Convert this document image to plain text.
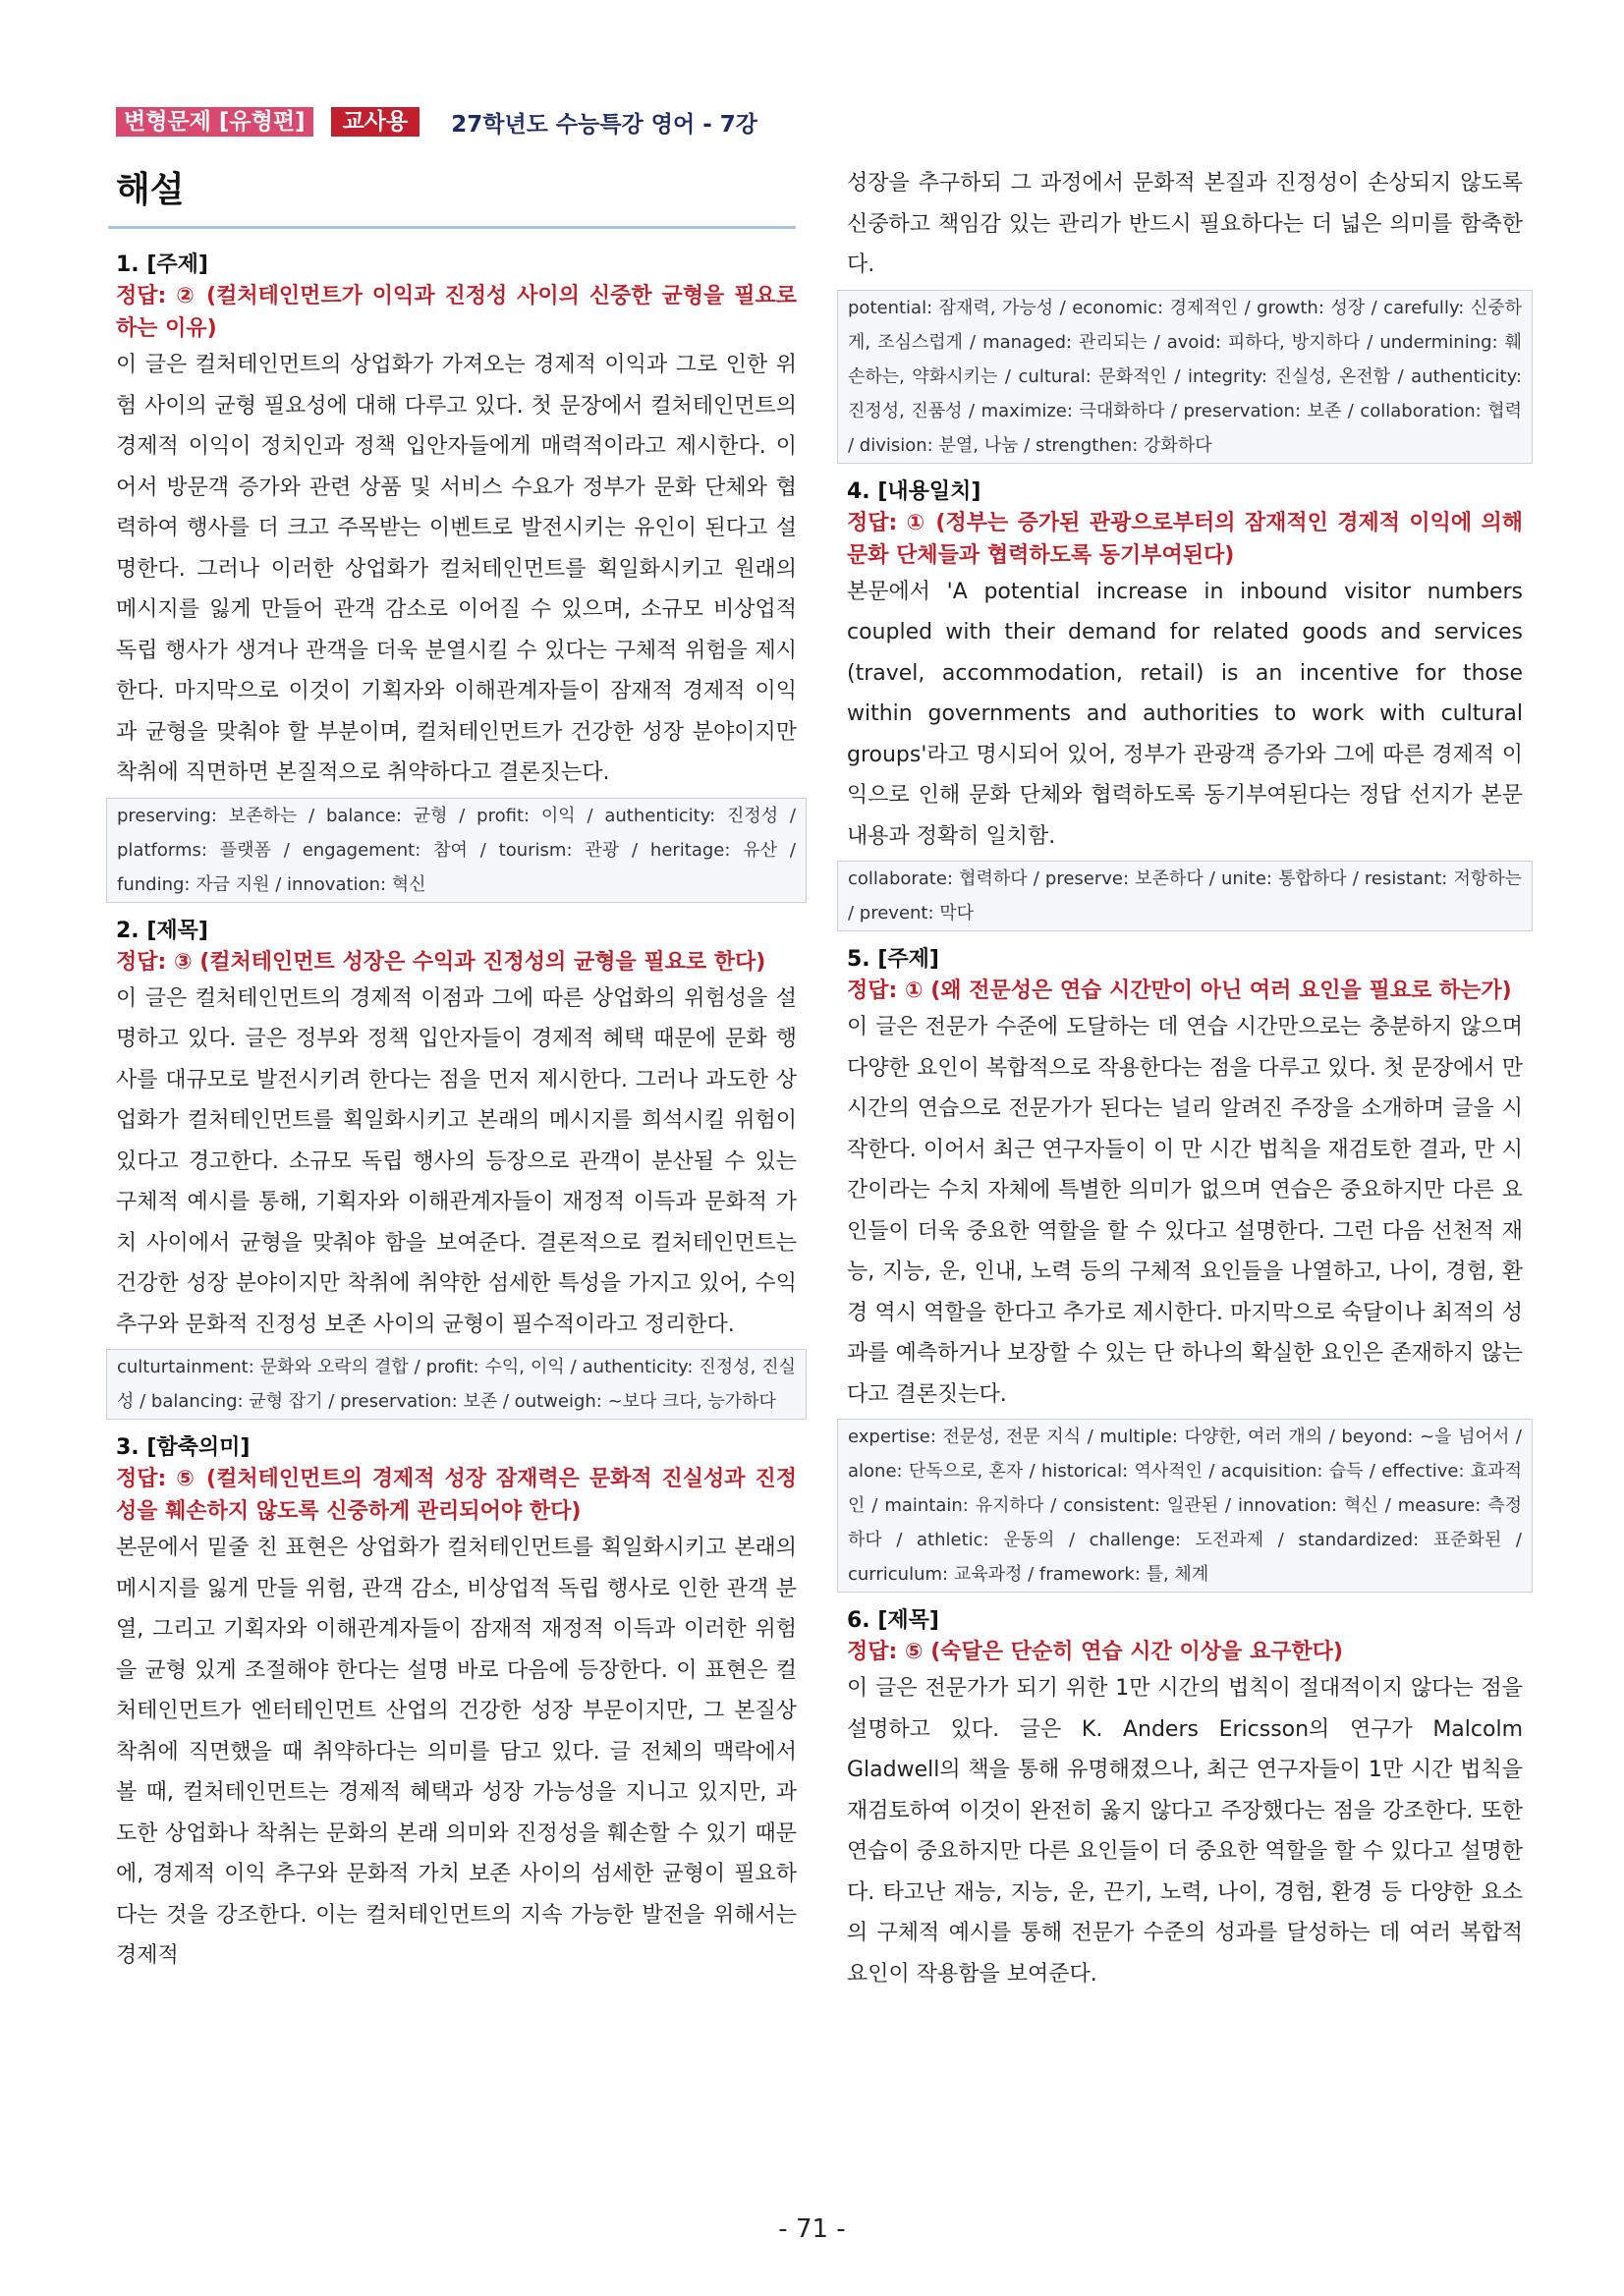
변형문제 [유형편]	교사용	27학년도 수능특강 영어 - 7강
해설
1. [주제]
정답: ② (컬처테인먼트가 이익과 진정성 사이의 신중한 균형을 필요로 하는 이유)
이 글은 컬처테인먼트의 상업화가 가져오는 경제적 이익과 그로 인한 위험 사이의 균형 필요성에 대해 다루고 있다. 첫 문장에서 컬처테인먼트의 경제적 이익이 정치인과 정책 입안자들에게 매력적이라고 제시한다. 이어서 방문객 증가와 관련 상품 및 서비스 수요가 정부가 문화 단체와 협력하여 행사를 더 크고 주목받는 이벤트로 발전시키는 유인이 된다고 설명한다. 그러나 이러한 상업화가 컬처테인먼트를 획일화시키고 원래의 메시지를 잃게 만들어 관객 감소로 이어질 수 있으며, 소규모 비상업적 독립 행사가 생겨나 관객을 더욱 분열시킬 수 있다는 구체적 위험을 제시한다. 마지막으로 이것이 기획자와 이해관계자들이 잠재적 경제적 이익과 균형을 맞춰야 할 부분이며, 컬처테인먼트가 건강한 성장 분야이지만 착취에 직면하면 본질적으로 취약하다고 결론짓는다.
preserving: 보존하는 / balance: 균형 / profit: 이익 / authenticity: 진정성 / platforms: 플랫폼 / engagement: 참여 / tourism: 관광 / heritage: 유산 / funding: 자금 지원 / innovation: 혁신
2. [제목]
정답: ③ (컬처테인먼트 성장은 수익과 진정성의 균형을 필요로 한다)
이 글은 컬처테인먼트의 경제적 이점과 그에 따른 상업화의 위험성을 설명하고 있다. 글은 정부와 정책 입안자들이 경제적 혜택 때문에 문화 행사를 대규모로 발전시키려 한다는 점을 먼저 제시한다. 그러나 과도한 상업화가 컬처테인먼트를 획일화시키고 본래의 메시지를 희석시킬 위험이 있다고 경고한다. 소규모 독립 행사의 등장으로 관객이 분산될 수 있는 구체적 예시를 통해, 기획자와 이해관계자들이 재정적 이득과 문화적 가치 사이에서 균형을 맞춰야 함을 보여준다. 결론적으로 컬처테인먼트는 건강한 성장 분야이지만 착취에 취약한 섬세한 특성을 가지고 있어, 수익 추구와 문화적 진정성 보존 사이의 균형이 필수적이라고 정리한다.
culturtainment: 문화와 오락의 결합 / profit: 수익, 이익 / authenticity: 진정성, 진실성 / balancing: 균형 잡기 / preservation: 보존 / outweigh: ~보다 크다, 능가하다
3. [함축의미]
정답: ⑤ (컬처테인먼트의 경제적 성장 잠재력은 문화적 진실성과 진정성을 훼손하지 않도록 신중하게 관리되어야 한다)
본문에서 밑줄 친 표현은 상업화가 컬처테인먼트를 획일화시키고 본래의 메시지를 잃게 만들 위험, 관객 감소, 비상업적 독립 행사로 인한 관객 분열, 그리고 기획자와 이해관계자들이 잠재적 재정적 이득과 이러한 위험을 균형 있게 조절해야 한다는 설명 바로 다음에 등장한다. 이 표현은 컬처테인먼트가 엔터테인먼트 산업의 건강한 성장 부문이지만, 그 본질상 착취에 직면했을 때 취약하다는 의미를 담고 있다. 글 전체의 맥락에서 볼 때, 컬처테인먼트는 경제적 혜택과 성장 가능성을 지니고 있지만, 과도한 상업화나 착취는 문화의 본래 의미와 진정성을 훼손할 수 있기 때문에, 경제적 이익 추구와 문화적 가치 보존 사이의 섬세한 균형이 필요하다는 것을 강조한다. 이는 컬처테인먼트의 지속 가능한 발전을 위해서는 경제적
성장을 추구하되 그 과정에서 문화적 본질과 진정성이 손상되지 않도록 신중하고 책임감 있는 관리가 반드시 필요하다는 더 넓은 의미를 함축한다.
potential: 잠재력, 가능성 / economic: 경제적인 / growth: 성장 / carefully: 신중하게, 조심스럽게 / managed: 관리되는 / avoid: 피하다, 방지하다 / undermining: 훼손하는, 약화시키는 / cultural: 문화적인 / integrity: 진실성, 온전함 / authenticity: 진정성, 진품성 / maximize: 극대화하다 / preservation: 보존 / collaboration: 협력 / division: 분열, 나눔 / strengthen: 강화하다
4. [내용일치]
정답: ① (정부는 증가된 관광으로부터의 잠재적인 경제적 이익에 의해 문화 단체들과 협력하도록 동기부여된다)
본문에서 'A potential increase in inbound visitor numbers coupled with their demand for related goods and services (travel, accommodation, retail) is an incentive for those within governments and authorities to work with cultural groups'라고 명시되어 있어, 정부가 관광객 증가와 그에 따른 경제적 이익으로 인해 문화 단체와 협력하도록 동기부여된다는 정답 선지가 본문 내용과 정확히 일치함.
collaborate: 협력하다 / preserve: 보존하다 / unite: 통합하다 / resistant: 저항하는 / prevent: 막다
5. [주제]
정답: ① (왜 전문성은 연습 시간만이 아닌 여러 요인을 필요로 하는가)
이 글은 전문가 수준에 도달하는 데 연습 시간만으로는 충분하지 않으며 다양한 요인이 복합적으로 작용한다는 점을 다루고 있다. 첫 문장에서 만 시간의 연습으로 전문가가 된다는 널리 알려진 주장을 소개하며 글을 시작한다. 이어서 최근 연구자들이 이 만 시간 법칙을 재검토한 결과, 만 시간이라는 수치 자체에 특별한 의미가 없으며 연습은 중요하지만 다른 요인들이 더욱 중요한 역할을 할 수 있다고 설명한다. 그런 다음 선천적 재능, 지능, 운, 인내, 노력 등의 구체적 요인들을 나열하고, 나이, 경험, 환경 역시 역할을 한다고 추가로 제시한다. 마지막으로 숙달이나 최적의 성과를 예측하거나 보장할 수 있는 단 하나의 확실한 요인은 존재하지 않는다고 결론짓는다.
expertise: 전문성, 전문 지식 / multiple: 다양한, 여러 개의 / beyond: ~을 넘어서 / alone: 단독으로, 혼자 / historical: 역사적인 / acquisition: 습득 / effective: 효과적인 / maintain: 유지하다 / consistent: 일관된 / innovation: 혁신 / measure: 측정하다 / athletic: 운동의 / challenge: 도전과제 / standardized: 표준화된 / curriculum: 교육과정 / framework: 틀, 체계
6. [제목]
정답: ⑤ (숙달은 단순히 연습 시간 이상을 요구한다)
이 글은 전문가가 되기 위한 1만 시간의 법칙이 절대적이지 않다는 점을 설명하고 있다. 글은 K. Anders Ericsson의 연구가 Malcolm Gladwell의 책을 통해 유명해졌으나, 최근 연구자들이 1만 시간 법칙을 재검토하여 이것이 완전히 옳지 않다고 주장했다는 점을 강조한다. 또한 연습이 중요하지만 다른 요인들이 더 중요한 역할을 할 수 있다고 설명한다. 타고난 재능, 지능, 운, 끈기, 노력, 나이, 경험, 환경 등 다양한 요소의 구체적 예시를 통해 전문가 수준의 성과를 달성하는 데 여러 복합적 요인이 작용함을 보여준다.
- 71 -
